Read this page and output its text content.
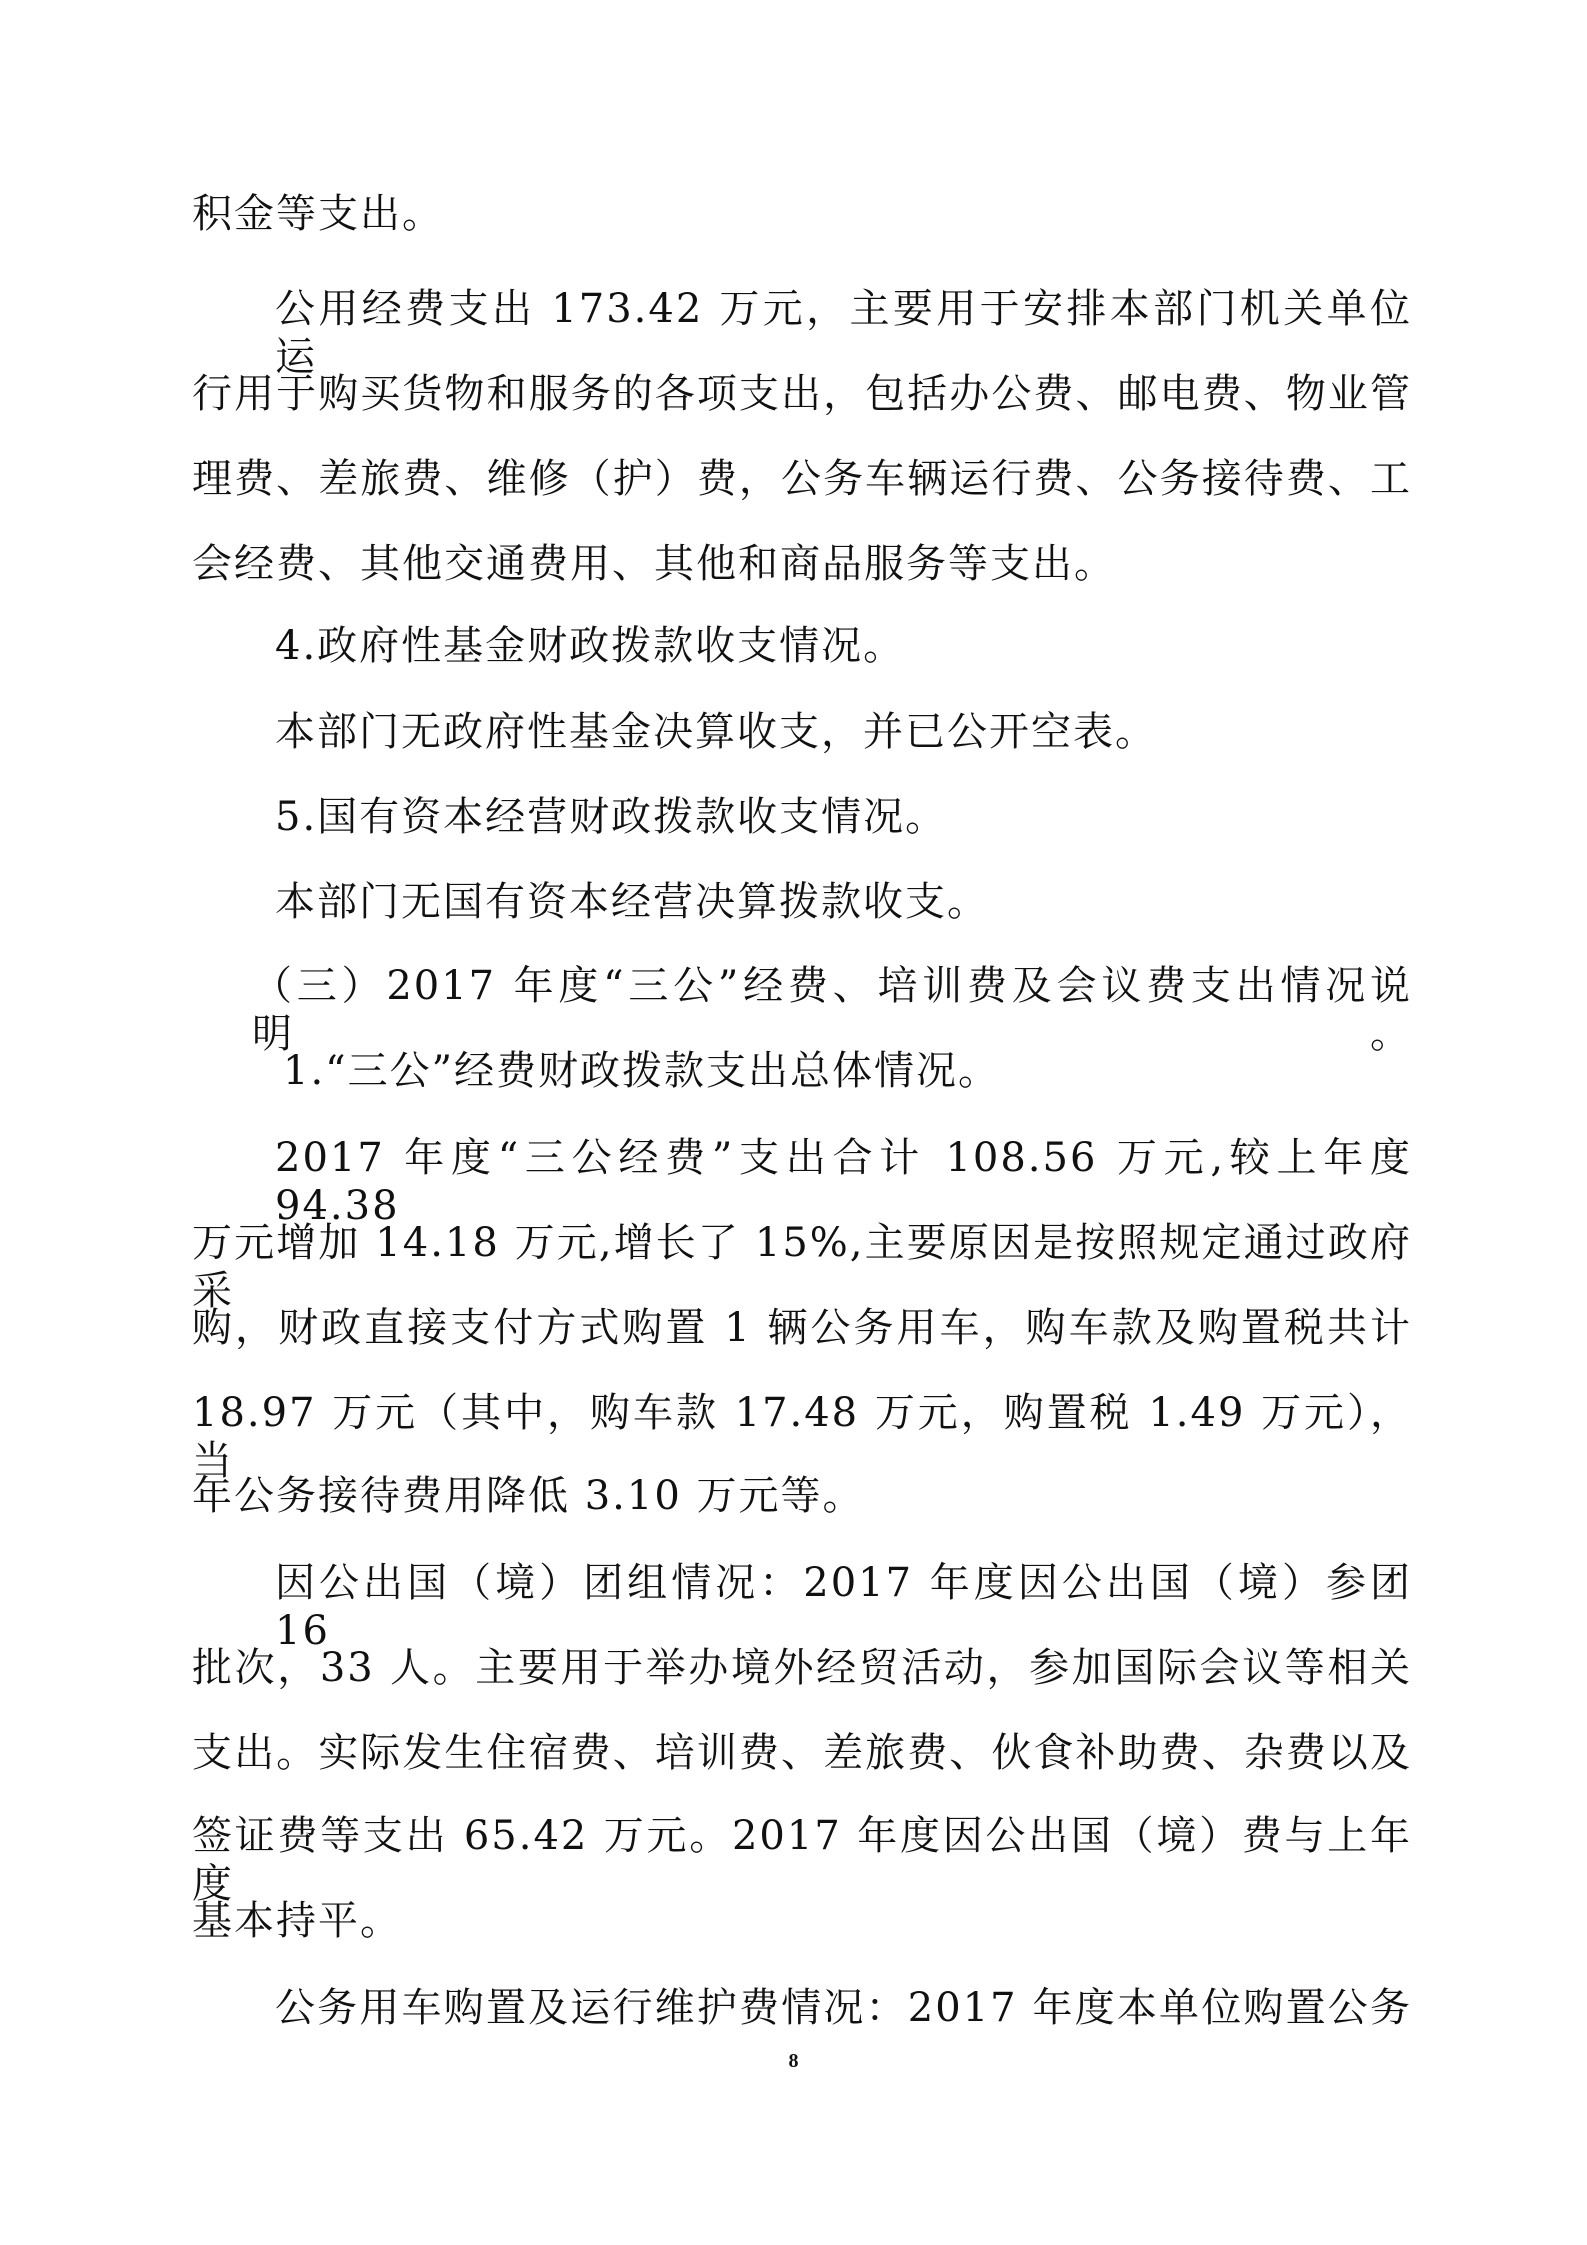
积金等支出。
公用经费支出 173.42 万元，主要用于安排本部门机关单位运
行用于购买货物和服务的各项支出，包括办公费、邮电费、物业管
理费、差旅费、维修（护）费，公务车辆运行费、公务接待费、工
会经费、其他交通费用、其他和商品服务等支出。
4.政府性基金财政拨款收支情况。
本部门无政府性基金决算收支，并已公开空表。
5.国有资本经营财政拨款收支情况。
本部门无国有资本经营决算拨款收支。
（三）2017 年度“三公”经费、培训费及会议费支出情况说明。
1.“三公”经费财政拨款支出总体情况。
2017 年度“三公经费”支出合计 108.56 万元,较上年度 94.38
万元增加 14.18 万元,增长了 15%,主要原因是按照规定通过政府采
购，财政直接支付方式购置 1 辆公务用车，购车款及购置税共计
18.97 万元（其中，购车款 17.48 万元，购置税 1.49 万元），当
年公务接待费用降低 3.10 万元等。
因公出国（境）团组情况：2017 年度因公出国（境）参团 16
批次，33 人。主要用于举办境外经贸活动，参加国际会议等相关
支出。实际发生住宿费、培训费、差旅费、伙食补助费、杂费以及
签证费等支出 65.42 万元。2017 年度因公出国（境）费与上年度
基本持平。
公务用车购置及运行维护费情况：2017 年度本单位购置公务
8
